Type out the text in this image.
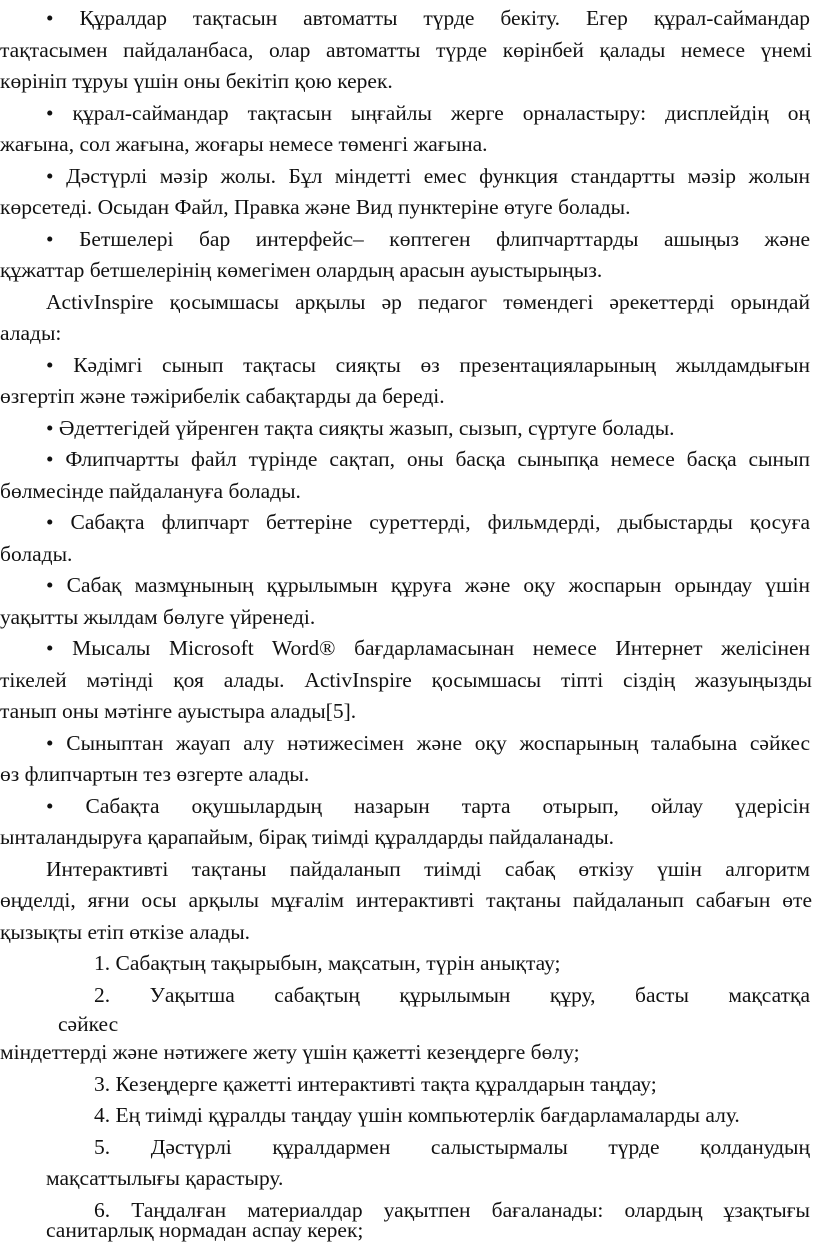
• Құралдар тақтасын автоматты түрде бекіту. Егер құрал-саймандар
тақтасымен пайдаланбаса, олар автоматты түрде көрінбей қалады немесе үнемі
көрініп тұруы үшін оны бекітіп қою керек.
• құрал-саймандар тақтасын ыңғайлы жерге орналастыру: дисплейдің оң
жағына, сол жағына, жоғары немесе төменгі жағына.
• Дәстүрлі мәзір жолы. Бұл міндетті емес функция стандартты мәзір жолын
көрсетеді. Осыдан Файл, Правка және Вид пунктеріне өтуге болады.
• Бетшелері бар интерфейс– көптеген флипчарттарды ашыңыз және
құжаттар бетшелерінің көмегімен олардың арасын ауыстырыңыз.
ActivInspire қосымшасы арқылы әр педагог төмендегі әрекеттерді орындай
алады:
• Кәдімгі сынып тақтасы сияқты өз презентацияларының жылдамдығын
өзгертіп және тәжірибелік сабақтарды да береді.
• Әдеттегідей үйренген тақта сияқты жазып, сызып, сүртуге болады.
• Флипчартты файл түрінде сақтап, оны басқа сыныпқа немесе басқа сынып
бөлмесінде пайдалануға болады.
• Сабақта флипчарт беттеріне суреттерді, фильмдерді, дыбыстарды қосуға
болады.
• Сабақ мазмұнының құрылымын құруға және оқу жоспарын орындау үшін
уақытты жылдам бөлуге үйренеді.
• Мысалы Microsoft Word® бағдарламасынан немесе Интернет желісінен
тікелей мәтінді қоя алады. ActivInspire қосымшасы тіпті сіздің жазуыңызды
танып оны мәтінге ауыстыра алады[5].
• Сыныптан жауап алу нәтижесімен және оқу жоспарының талабына сәйкес
өз флипчартын тез өзгерте алады.
• Сабақта оқушылардың назарын тарта отырып, ойлау үдерісін
ынталандыруға қарапайым, бірақ тиімді құралдарды пайдаланады.
Интерактивті тақтаны пайдаланып тиімді сабақ өткізу үшін алгоритм
өңделді, яғни осы арқылы мұғалім интерактивті тақтаны пайдаланып сабағын өте
қызықты етіп өткізе алады.
1. Сабақтың тақырыбын, мақсатын, түрін анықтау;
2. Уақытша сабақтың құрылымын құру, басты мақсатқа
сәйкес
міндеттерді және нәтижеге жету үшін қажетті кезеңдерге бөлу;
3. Кезеңдерге қажетті интерактивті тақта құралдарын таңдау;
4. Ең тиімді құралды таңдау үшін компьютерлік бағдарламаларды алу.
5. Дәстүрлі құралдармен салыстырмалы түрде қолданудың
мақсаттылығы қарастыру.
6. Таңдалған материалдар уақытпен бағаланады: олардың ұзақтығы
санитарлық нормадан аспау керек;
